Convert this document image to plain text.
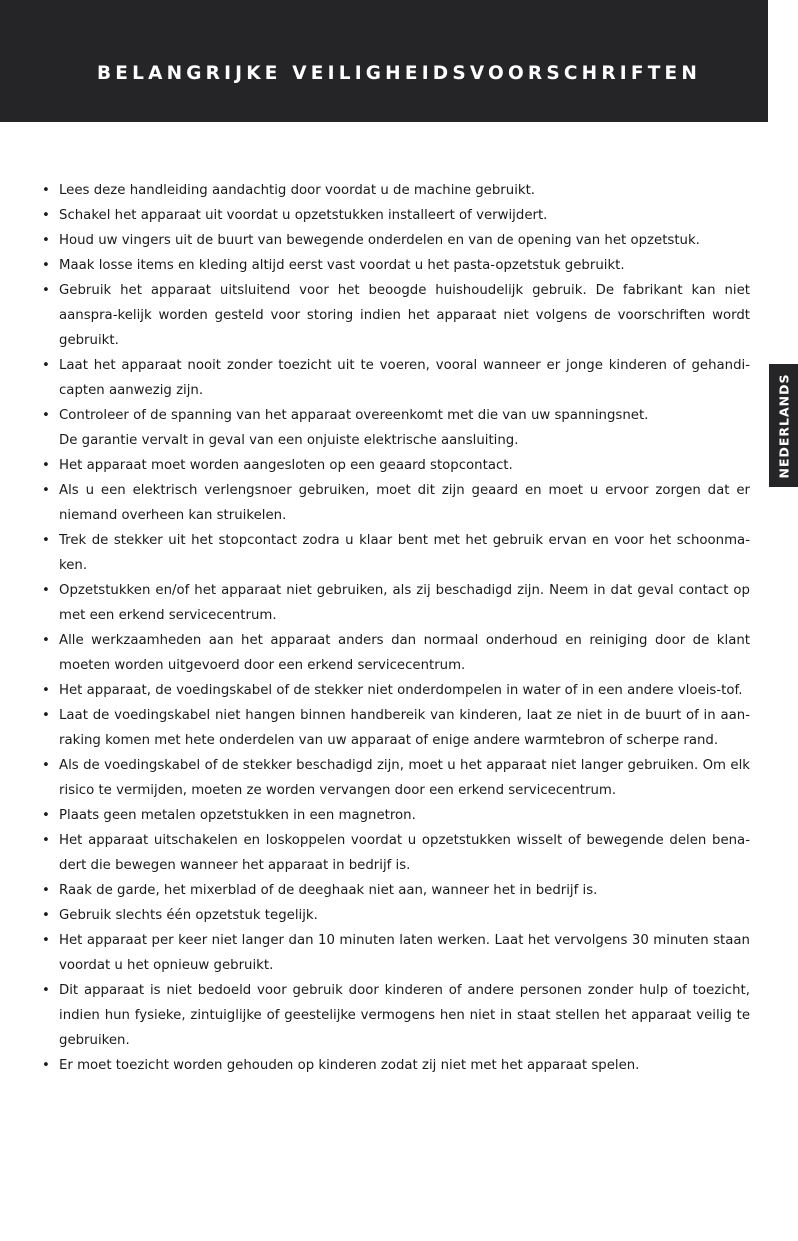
BELANGRIJKE VEILIGHEIDSVOORSCHRIFTEN
NEDERLANDS
• Lees deze handleiding aandachtig door voordat u de machine gebruikt.
• Schakel het apparaat uit voordat u opzetstukken installeert of verwijdert.
• Houd uw vingers uit de buurt van bewegende onderdelen en van de opening van het opzetstuk.
• Maak losse items en kleding altijd eerst vast voordat u het pasta-opzetstuk gebruikt.
• Gebruik het apparaat uitsluitend voor het beoogde huishoudelijk gebruik. De fabrikant kan niet aanspra-kelijk worden gesteld voor storing indien het apparaat niet volgens de voorschriften wordt gebruikt.
• Laat het apparaat nooit zonder toezicht uit te voeren, vooral wanneer er jonge kinderen of gehandi-capten aanwezig zijn.
• Controleer of de spanning van het apparaat overeenkomt met die van uw spanningsnet.
De garantie vervalt in geval van een onjuiste elektrische aansluiting.
• Het apparaat moet worden aangesloten op een geaard stopcontact.
• Als u een elektrisch verlengsnoer gebruiken, moet dit zijn geaard en moet u ervoor zorgen dat er niemand overheen kan struikelen.
• Trek de stekker uit het stopcontact zodra u klaar bent met het gebruik ervan en voor het schoonma-ken.
• Opzetstukken en/of het apparaat niet gebruiken, als zij beschadigd zijn. Neem in dat geval contact op met een erkend servicecentrum.
• Alle werkzaamheden aan het apparaat anders dan normaal onderhoud en reiniging door de klant moeten worden uitgevoerd door een erkend servicecentrum.
• Het apparaat, de voedingskabel of de stekker niet onderdompelen in water of in een andere vloeis-tof.
• Laat de voedingskabel niet hangen binnen handbereik van kinderen, laat ze niet in de buurt of in aan-raking komen met hete onderdelen van uw apparaat of enige andere warmtebron of scherpe rand.
• Als de voedingskabel of de stekker beschadigd zijn, moet u het apparaat niet langer gebruiken. Om elk risico te vermijden, moeten ze worden vervangen door een erkend servicecentrum.
• Plaats geen metalen opzetstukken in een magnetron.
• Het apparaat uitschakelen en loskoppelen voordat u opzetstukken wisselt of bewegende delen bena-dert die bewegen wanneer het apparaat in bedrijf is.
• Raak de garde, het mixerblad of de deeghaak niet aan, wanneer het in bedrijf is.
• Gebruik slechts één opzetstuk tegelijk.
• Het apparaat per keer niet langer dan 10 minuten laten werken. Laat het vervolgens 30 minuten staan voordat u het opnieuw gebruikt.
• Dit apparaat is niet bedoeld voor gebruik door kinderen of andere personen zonder hulp of toezicht, indien hun fysieke, zintuiglijke of geestelijke vermogens hen niet in staat stellen het apparaat veilig te gebruiken.
• Er moet toezicht worden gehouden op kinderen zodat zij niet met het apparaat spelen.
